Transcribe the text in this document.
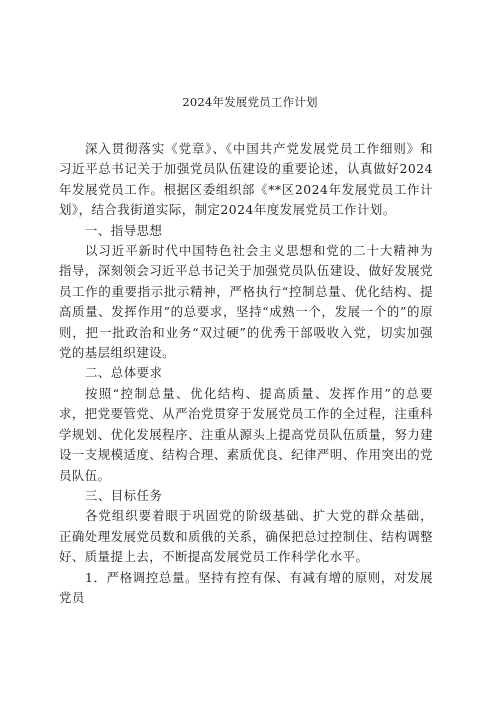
2024年发展党员工作计划

深入贯彻落实《党章》、《中国共产党发展党员工作细则》和习近平总书记关于加强党员队伍建设的重要论述，认真做好2024年发展党员工作。根据区委组织部《**区2024年发展党员工作计划》，结合我街道实际，制定2024年度发展党员工作计划。

一、指导思想

以习近平新时代中国特色社会主义思想和党的二十大精神为指导，深刻领会习近平总书记关于加强党员队伍建设、做好发展党员工作的重要指示批示精神，严格执行“控制总量、优化结构、提高质量、发挥作用”的总要求，坚持“成熟一个，发展一个的”的原则，把一批政治和业务“双过硬”的优秀干部吸收入党，切实加强党的基层组织建设。

二、总体要求

按照“控制总量、优化结构、提高质量、发挥作用”的总要求，把党要管党、从严治党贯穿于发展党员工作的全过程，注重科学规划、优化发展程序、注重从源头上提高党员队伍质量，努力建设一支规模适度、结构合理、素质优良、纪律严明、作用突出的党员队伍。

三、目标任务

各党组织要着眼于巩固党的阶级基础、扩大党的群众基础，正确处理发展党员数和质俄的关系，确保把总过控制住、结构调整好、质量提上去，不断提高发展党员工作科学化水平。

1．严格调控总量。坚持有控有保、有减有增的原则，对发展党员
